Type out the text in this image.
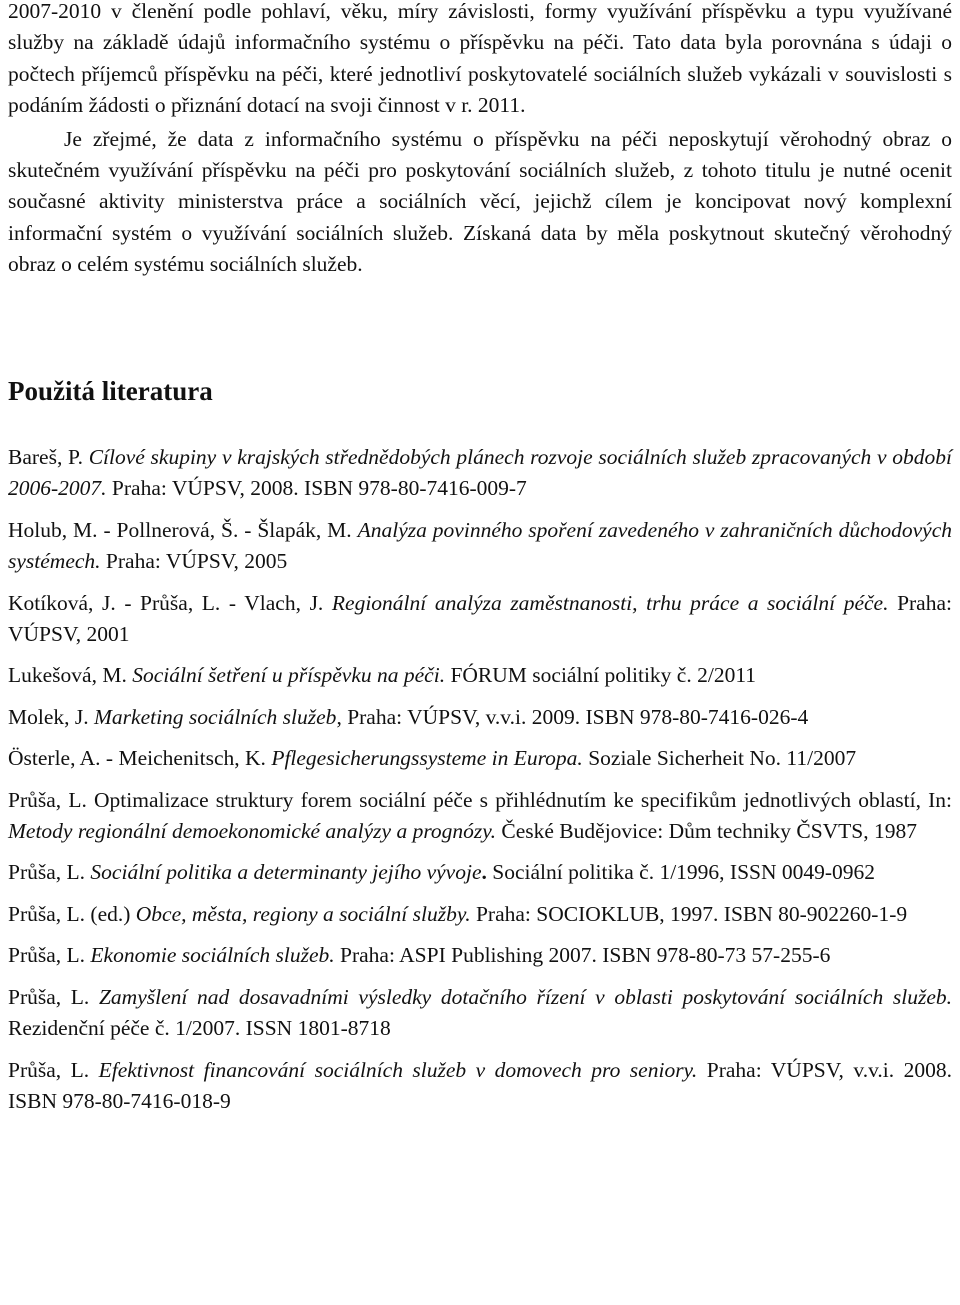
2007-2010 v členění podle pohlaví, věku, míry závislosti, formy využívání příspěvku a typu využívané služby na základě údajů informačního systému o příspěvku na péči. Tato data byla porovnána s údaji o počtech příjemců příspěvku na péči, které jednotliví poskytovatelé sociálních služeb vykázali v souvislosti s podáním žádosti o přiznání dotací na svoji činnost v r. 2011.

Je zřejmé, že data z informačního systému o příspěvku na péči neposkytují věrohodný obraz o skutečném využívání příspěvku na péči pro poskytování sociálních služeb, z tohoto titulu je nutné ocenit současné aktivity ministerstva práce a sociálních věcí, jejichž cílem je koncipovat nový komplexní informační systém o využívání sociálních služeb. Získaná data by měla poskytnout skutečný věrohodný obraz o celém systému sociálních služeb.

Použitá literatura

Bareš, P. Cílové skupiny v krajských střednědobých plánech rozvoje sociálních služeb zpracovaných v období 2006-2007. Praha: VÚPSV, 2008. ISBN 978-80-7416-009-7

Holub, M. - Pollnerová, Š. - Šlapák, M. Analýza povinného spoření zavedeného v zahraničních důchodových systémech. Praha: VÚPSV, 2005

Kotíková, J. - Průša, L. - Vlach, J. Regionální analýza zaměstnanosti, trhu práce a sociální péče. Praha: VÚPSV, 2001

Lukešová, M. Sociální šetření u příspěvku na péči. FÓRUM sociální politiky č. 2/2011

Molek, J. Marketing sociálních služeb, Praha: VÚPSV, v.v.i. 2009. ISBN 978-80-7416-026-4

Österle, A. - Meichenitsch, K. Pflegesicherungssysteme in Europa. Soziale Sicherheit No. 11/2007

Průša, L. Optimalizace struktury forem sociální péče s přihlédnutím ke specifikům jednotlivých oblastí, In: Metody regionální demoekonomické analýzy a prognózy. České Budějovice: Dům techniky ČSVTS, 1987

Průša, L. Sociální politika a determinanty jejího vývoje. Sociální politika č. 1/1996, ISSN 0049-0962

Průša, L. (ed.) Obce, města, regiony a sociální služby. Praha: SOCIOKLUB, 1997. ISBN 80-902260-1-9

Průša, L. Ekonomie sociálních služeb. Praha: ASPI Publishing 2007. ISBN 978-80-73 57-255-6

Průša, L. Zamyšlení nad dosavadními výsledky dotačního řízení v oblasti poskytování sociálních služeb. Rezidenční péče č. 1/2007. ISSN 1801-8718

Průša, L. Efektivnost financování sociálních služeb v domovech pro seniory. Praha: VÚPSV, v.v.i. 2008. ISBN 978-80-7416-018-9
